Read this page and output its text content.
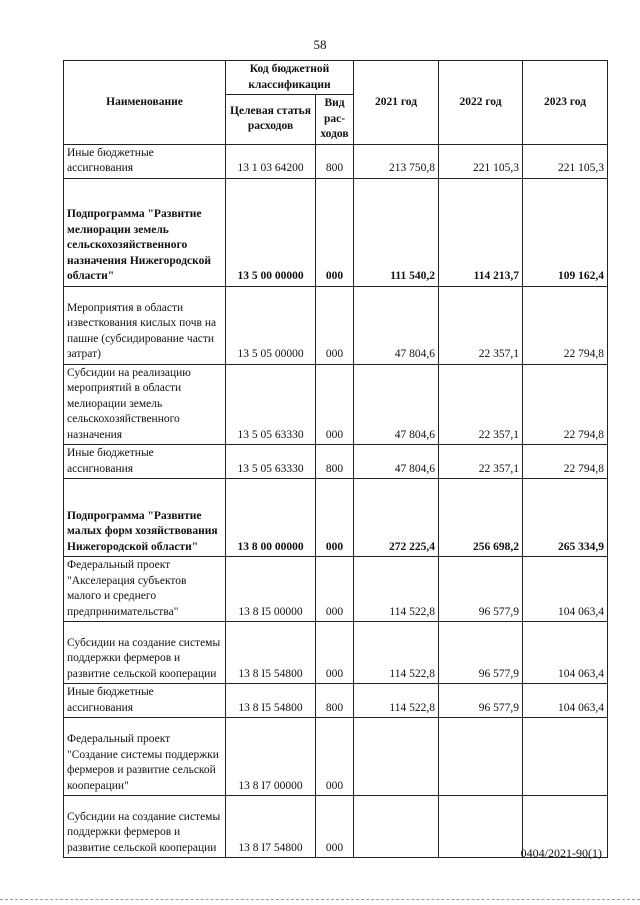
58
Наименование	Код бюджетной классификации		2021 год	2022 год	2023 год
	Целевая статья расходов	Вид рас-ходов			
Иные бюджетные ассигнования	13 1 03 64200	800	213 750,8	221 105,3	221 105,3
Подпрограмма "Развитие мелиорации земель сельскохозяйственного назначения Нижегородской области"	13 5 00 00000	000	111 540,2	114 213,7	109 162,4
Мероприятия в области известкования кислых почв на пашне (субсидирование части затрат)	13 5 05 00000	000	47 804,6	22 357,1	22 794,8
Субсидии на реализацию мероприятий в области мелиорации земель сельскохозяйственного назначения	13 5 05 63330	000	47 804,6	22 357,1	22 794,8
Иные бюджетные ассигнования	13 5 05 63330	800	47 804,6	22 357,1	22 794,8
Подпрограмма "Развитие малых форм хозяйствования Нижегородской области"	13 8 00 00000	000	272 225,4	256 698,2	265 334,9
Федеральный проект "Акселерация субъектов малого и среднего предпринимательства"	13 8 I5 00000	000	114 522,8	96 577,9	104 063,4
Субсидии на создание системы поддержки фермеров и развитие сельской кооперации	13 8 I5 54800	000	114 522,8	96 577,9	104 063,4
Иные бюджетные ассигнования	13 8 I5 54800	800	114 522,8	96 577,9	104 063,4
Федеральный проект "Создание системы поддержки фермеров и развитие сельской кооперации"	13 8 I7 00000	000			
Субсидии на создание системы поддержки фермеров и развитие сельской кооперации	13 8 I7 54800	000				0404/2021-90(1)
